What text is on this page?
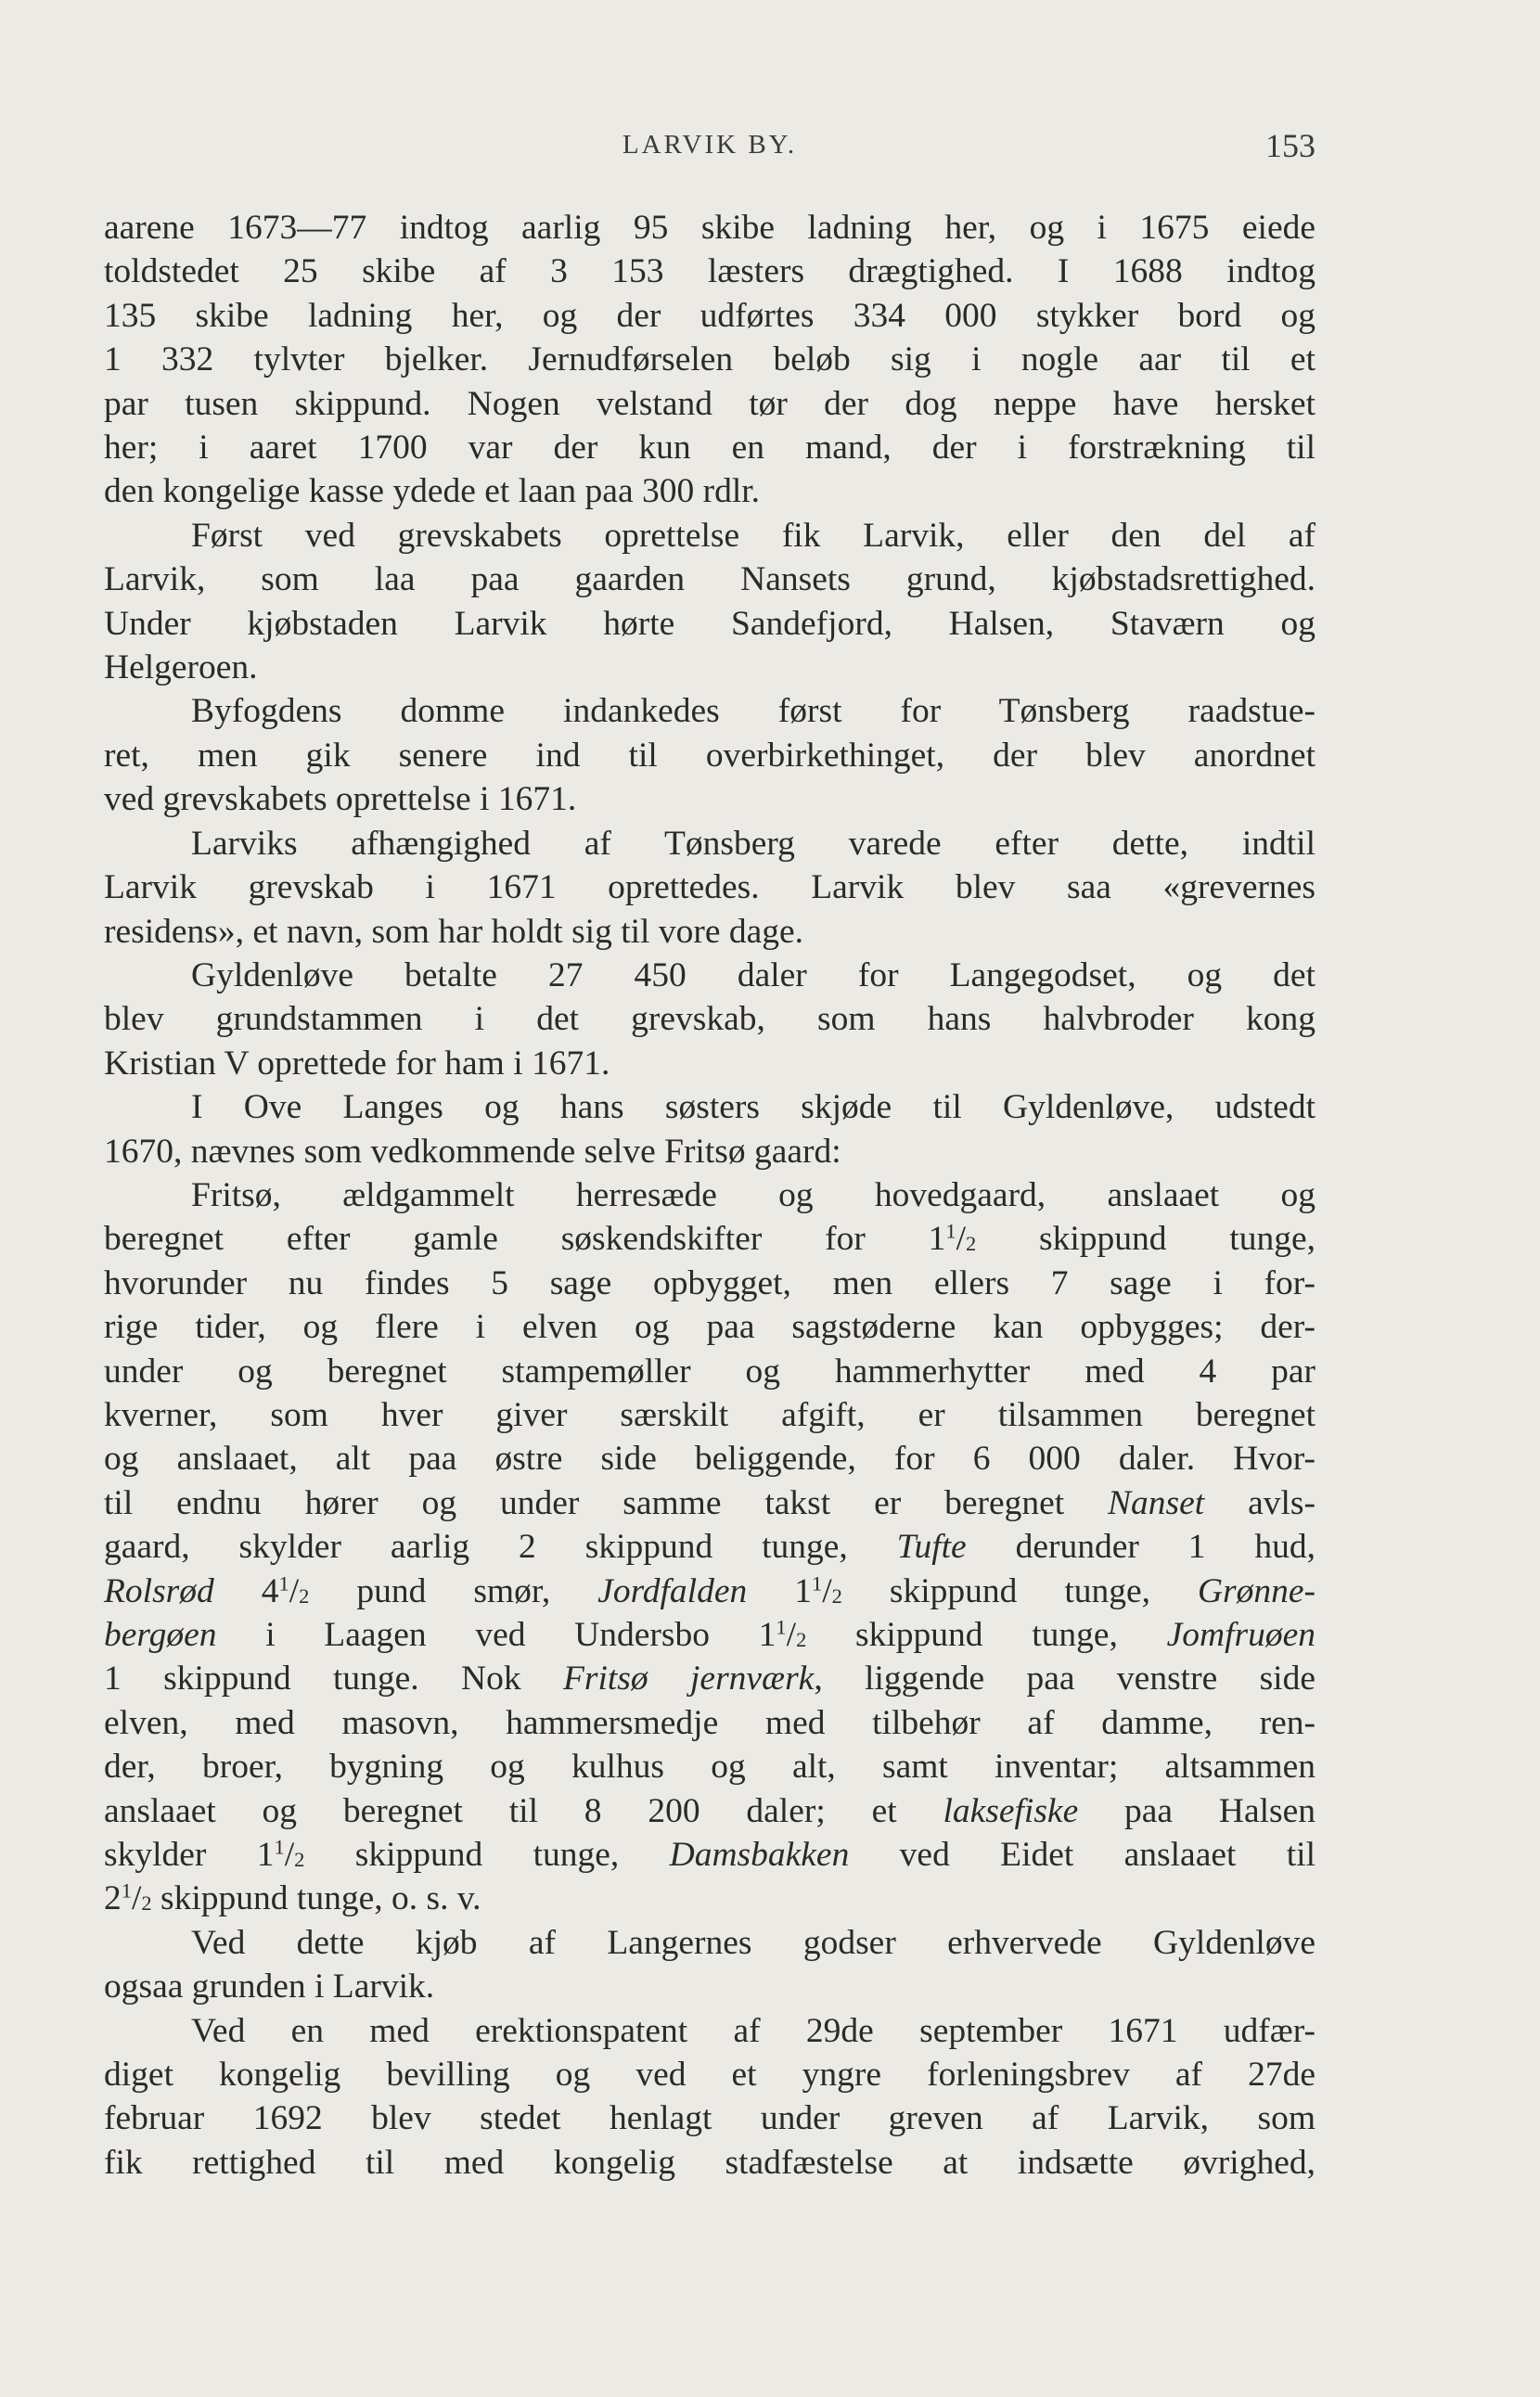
LARVIK BY.	153

aarene 1673—77 indtog aarlig 95 skibe ladning her, og i 1675 eiede
toldstedet 25 skibe af 3 153 læsters drægtighed. I 1688 indtog
135 skibe ladning her, og der udførtes 334 000 stykker bord og
1 332 tylvter bjelker. Jernudførselen beløb sig i nogle aar til et
par tusen skippund. Nogen velstand tør der dog neppe have hersket
her; i aaret 1700 var der kun en mand, der i forstrækning til
den kongelige kasse ydede et laan paa 300 rdlr.

Først ved grevskabets oprettelse fik Larvik, eller den del af
Larvik, som laa paa gaarden Nansets grund, kjøbstadsrettighed.
Under kjøbstaden Larvik hørte Sandefjord, Halsen, Staværn og
Helgeroen.

Byfogdens domme indankedes først for Tønsberg raadstue-
ret, men gik senere ind til overbirkethinget, der blev anordnet
ved grevskabets oprettelse i 1671.

Larviks afhængighed af Tønsberg varede efter dette, indtil
Larvik grevskab i 1671 oprettedes. Larvik blev saa «grevernes
residens», et navn, som har holdt sig til vore dage.

Gyldenløve betalte 27 450 daler for Langegodset, og det
blev grundstammen i det grevskab, som hans halvbroder kong
Kristian V oprettede for ham i 1671.

I Ove Langes og hans søsters skjøde til Gyldenløve, udstedt
1670, nævnes som vedkommende selve Fritsø gaard:

Fritsø, ældgammelt herresæde og hovedgaard, anslaaet og
beregnet efter gamle søskendskifter for $1^1/_2$ skippund tunge,
hvorunder nu findes 5 sage opbygget, men ellers 7 sage i for-
rige tider, og flere i elven og paa sagstøderne kan opbygges; der-
under og beregnet stampemøller og hammerhytter med 4 par
kverner, som hver giver særskilt afgift, er tilsammen beregnet
og anslaaet, alt paa østre side beliggende, for 6 000 daler. Hvor-
til endnu hører og under samme takst er beregnet Nanset avls-
gaard, skylder aarlig 2 skippund tunge, Tufte derunder 1 hud,
Rolsrød $4^1/_2$ pund smør, Jordfalden $1^1/_2$ skippund tunge, Grønne-
bergøen i Laagen ved Undersbo $1^1/_2$ skippund tunge, Jomfruøen
1 skippund tunge. Nok Fritsø jernværk, liggende paa venstre side
elven, med masovn, hammersmedje med tilbehør af damme, ren-
der, broer, bygning og kulhus og alt, samt inventar; altsammen
anslaaet og beregnet til 8 200 daler; et laksefiske paa Halsen
skylder $1^1/_2$ skippund tunge, Damsbakken ved Eidet anslaaet til
$2^1/_2$ skippund tunge, o. s. v.

Ved dette kjøb af Langernes godser erhvervede Gyldenløve
ogsaa grunden i Larvik.

Ved en med erektionspatent af 29de september 1671 udfær-
diget kongelig bevilling og ved et yngre forleningsbrev af 27de
februar 1692 blev stedet henlagt under greven af Larvik, som
fik rettighed til med kongelig stadfæstelse at indsætte øvrighed,
